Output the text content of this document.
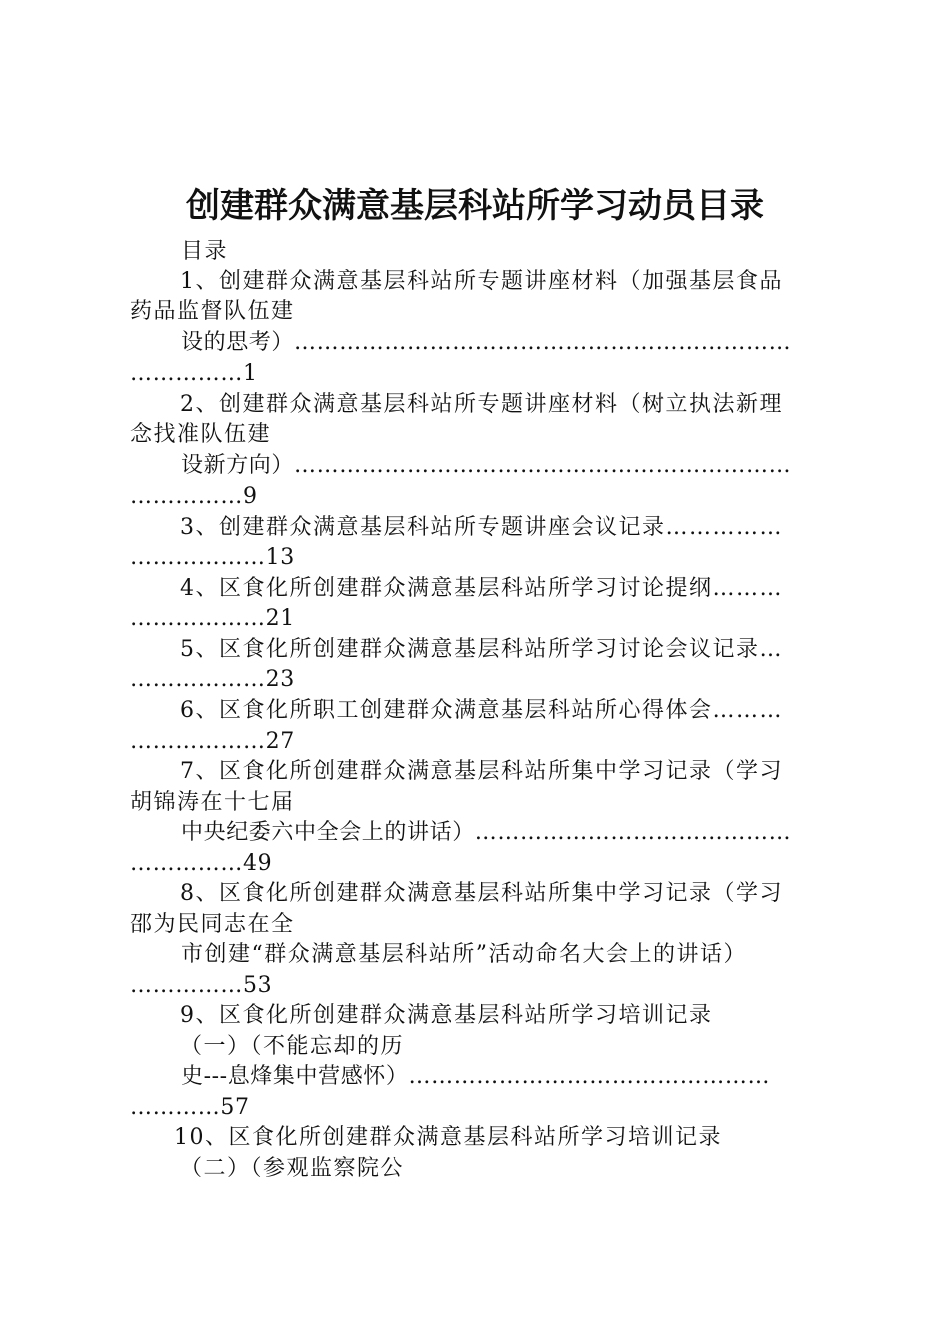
创建群众满意基层科站所学习动员目录
目录
1、创建群众满意基层科站所专题讲座材料（加强基层食品
药品监督队伍建
设的思考）…………………………………………………………
……………1
2、创建群众满意基层科站所专题讲座材料（树立执法新理
念找准队伍建
设新方向）…………………………………………………………
……………9
3、创建群众满意基层科站所专题讲座会议记录……………
………………13
4、区食化所创建群众满意基层科站所学习讨论提纲………
………………21
5、区食化所创建群众满意基层科站所学习讨论会议记录…
………………23
6、区食化所职工创建群众满意基层科站所心得体会………
………………27
7、区食化所创建群众满意基层科站所集中学习记录（学习
胡锦涛在十七届
中央纪委六中全会上的讲话）……………………………………
……………49
8、区食化所创建群众满意基层科站所集中学习记录（学习
邵为民同志在全
市创建“群众满意基层科站所”活动命名大会上的讲话）
……………53
9、区食化所创建群众满意基层科站所学习培训记录
（一）（不能忘却的历
史---息烽集中营感怀）…………………………………………
…………57
10、区食化所创建群众满意基层科站所学习培训记录
（二）（参观监察院公
